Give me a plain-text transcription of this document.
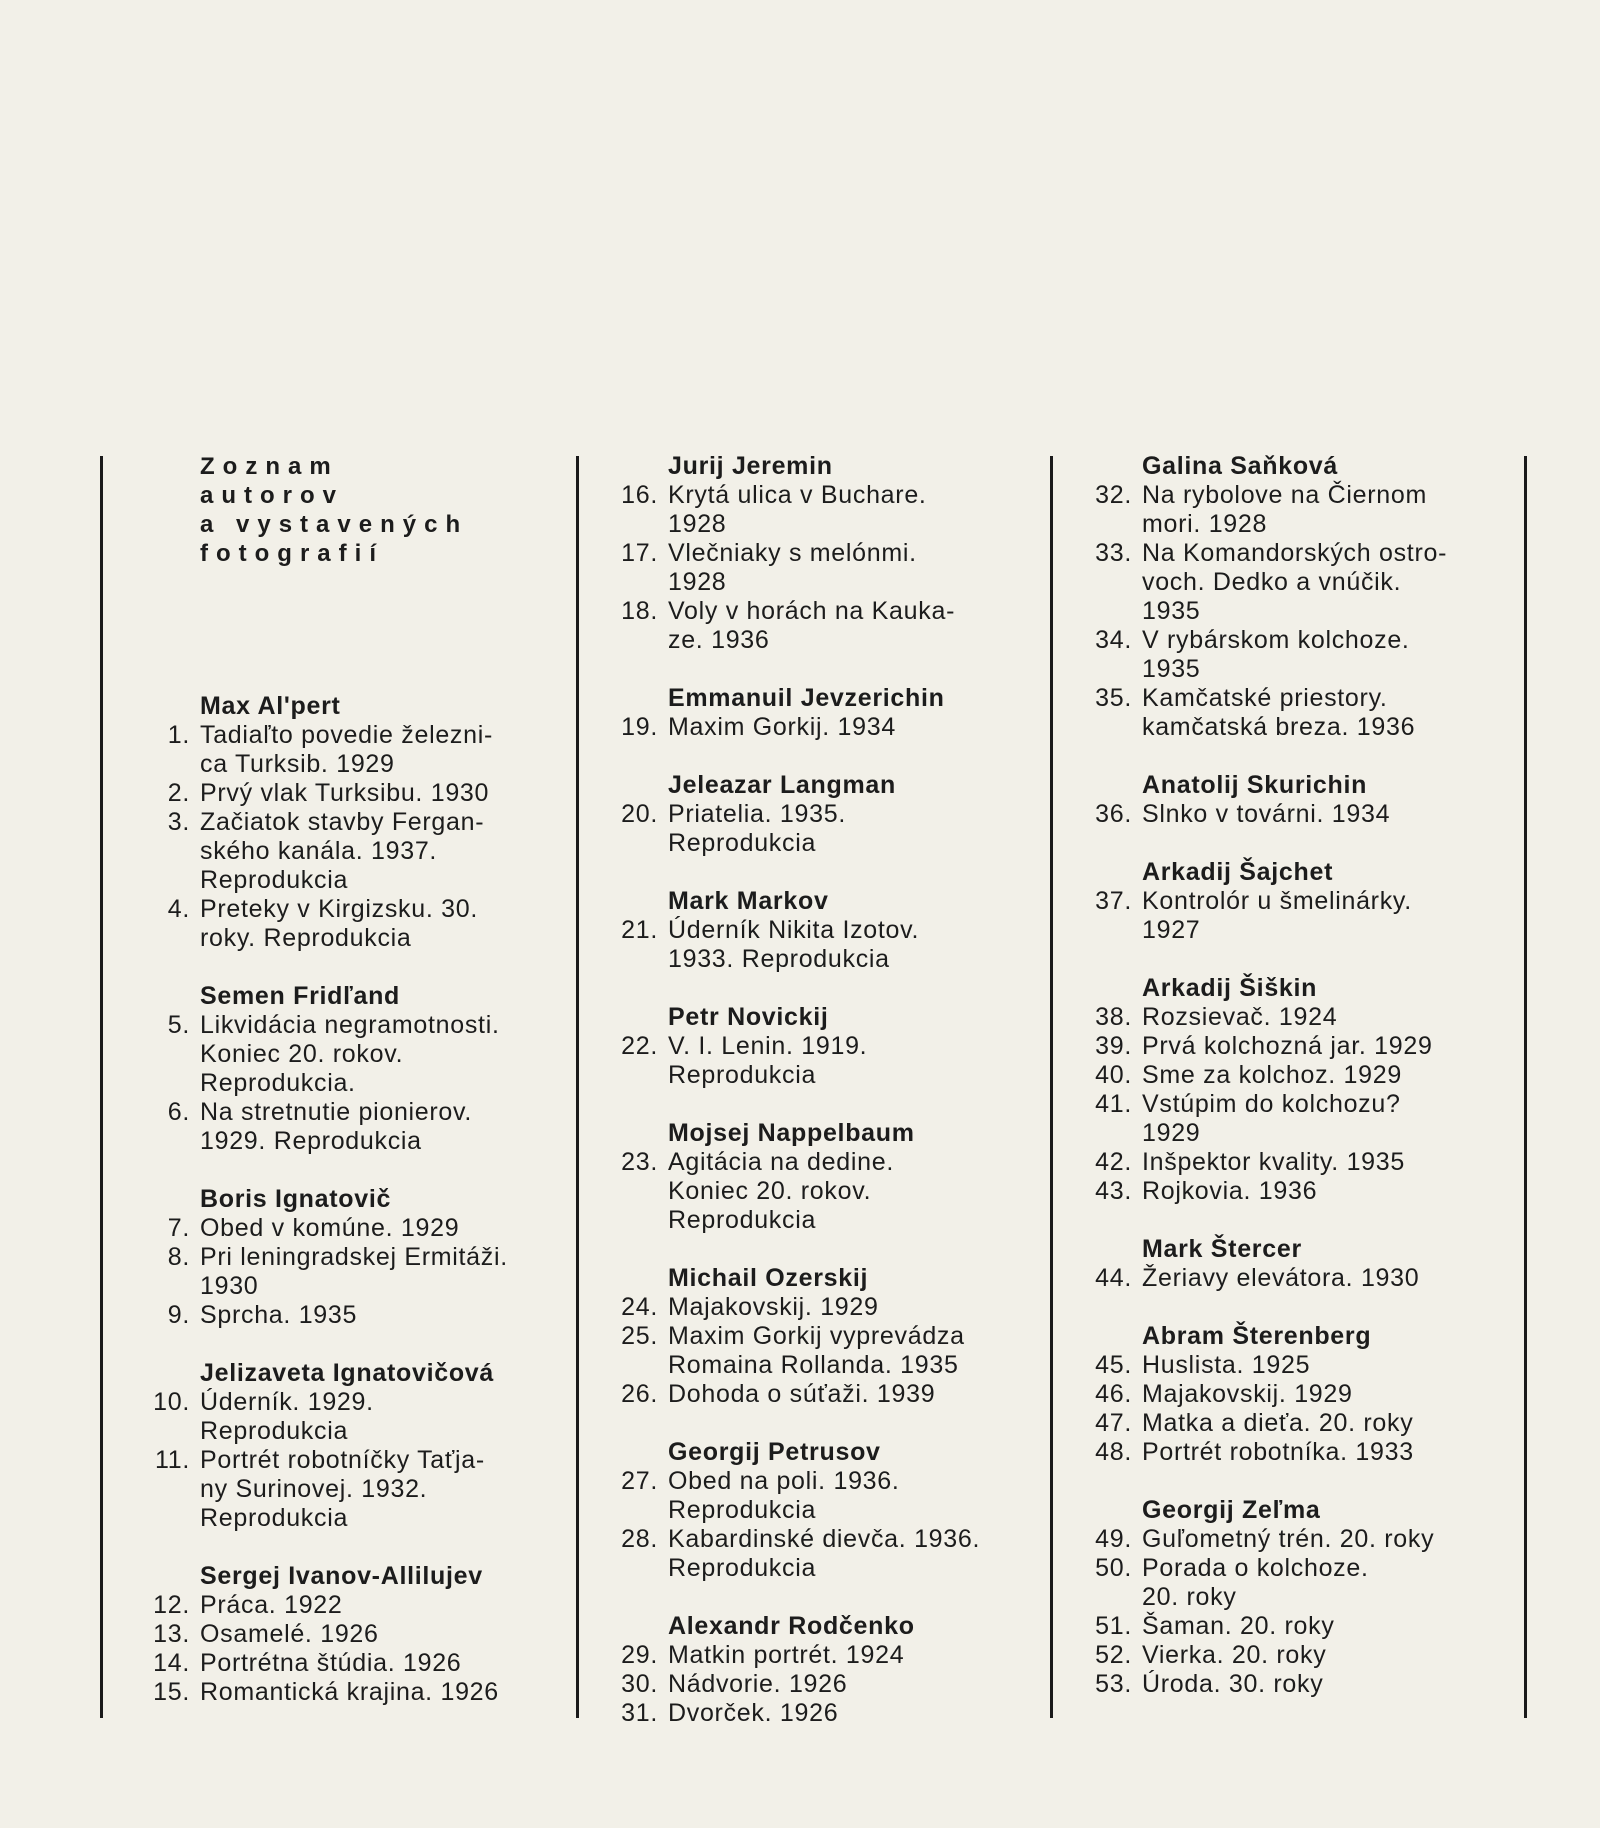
Zoznam
autorov
a vystavených
fotografií
Max Al'pert
1. Tadiaľto povedie železni-
ca Turksib. 1929
2. Prvý vlak Turksibu. 1930
3. Začiatok stavby Fergan-
ského kanála. 1937.
Reprodukcia
4. Preteky v Kirgizsku. 30.
roky. Reprodukcia
Semen Fridľand
5. Likvidácia negramotnosti.
Koniec 20. rokov.
Reprodukcia.
6. Na stretnutie pionierov.
1929. Reprodukcia
Boris Ignatovič
7. Obed v komúne. 1929
8. Pri leningradskej Ermitáži.
1930
9. Sprcha. 1935
Jelizaveta Ignatovičová
10. Úderník. 1929.
Reprodukcia
11. Portrét robotníčky Taťja-
ny Surinovej. 1932.
Reprodukcia
Sergej Ivanov-Allilujev
12. Práca. 1922
13. Osamelé. 1926
14. Portrétna štúdia. 1926
15. Romantická krajina. 1926
Jurij Jeremin
16. Krytá ulica v Buchare.
1928
17. Vlečniaky s melónmi.
1928
18. Voly v horách na Kauka-
ze. 1936
Emmanuil Jevzerichin
19. Maxim Gorkij. 1934
Jeleazar Langman
20. Priatelia. 1935.
Reprodukcia
Mark Markov
21. Úderník Nikita Izotov.
1933. Reprodukcia
Petr Novickij
22. V. I. Lenin. 1919.
Reprodukcia
Mojsej Nappelbaum
23. Agitácia na dedine.
Koniec 20. rokov.
Reprodukcia
Michail Ozerskij
24. Majakovskij. 1929
25. Maxim Gorkij vyprevádza
Romaina Rollanda. 1935
26. Dohoda o súťaži. 1939
Georgij Petrusov
27. Obed na poli. 1936.
Reprodukcia
28. Kabardinské dievča. 1936.
Reprodukcia
Alexandr Rodčenko
29. Matkin portrét. 1924
30. Nádvorie. 1926
31. Dvorček. 1926
Galina Saňková
32. Na rybolove na Čiernom
mori. 1928
33. Na Komandorských ostro-
voch. Dedko a vnúčik.
1935
34. V rybárskom kolchoze.
1935
35. Kamčatské priestory.
kamčatská breza. 1936
Anatolij Skurichin
36. Slnko v továrni. 1934
Arkadij Šajchet
37. Kontrolór u šmelinárky.
1927
Arkadij Šiškin
38. Rozsievač. 1924
39. Prvá kolchozná jar. 1929
40. Sme za kolchoz. 1929
41. Vstúpim do kolchozu?
1929
42. Inšpektor kvality. 1935
43. Rojkovia. 1936
Mark Štercer
44. Žeriavy elevátora. 1930
Abram Šterenberg
45. Huslista. 1925
46. Majakovskij. 1929
47. Matka a dieťa. 20. roky
48. Portrét robotníka. 1933
Georgij Zeľma
49. Guľometný trén. 20. roky
50. Porada o kolchoze.
20. roky
51. Šaman. 20. roky
52. Vierka. 20. roky
53. Úroda. 30. roky
